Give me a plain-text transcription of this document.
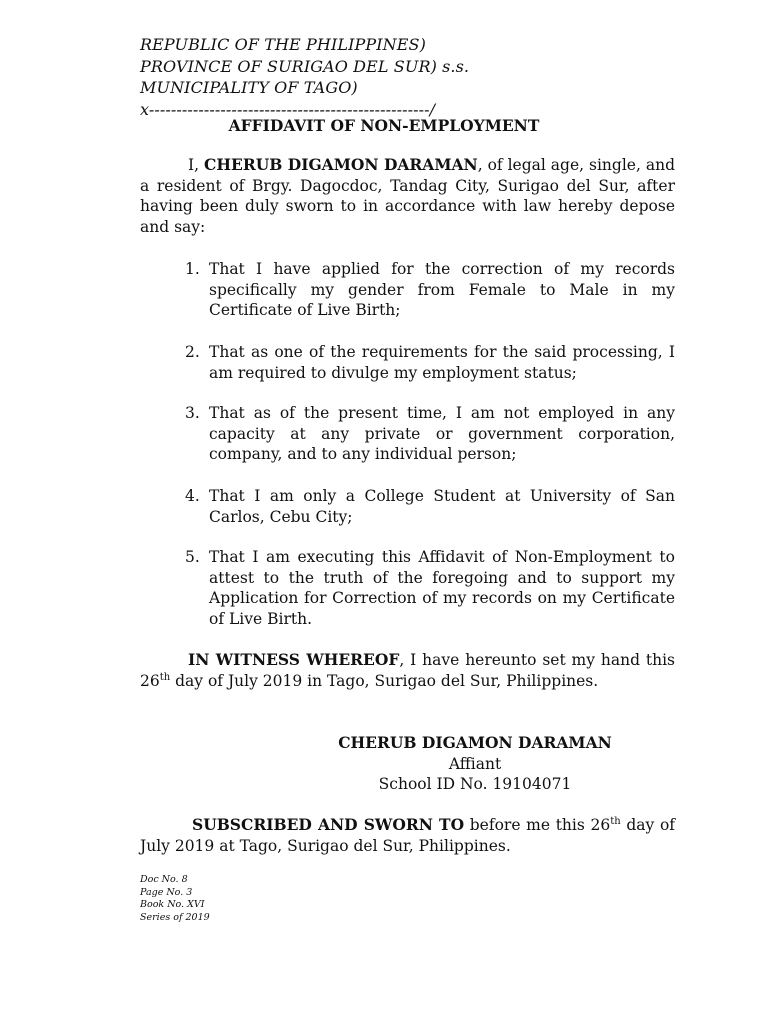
REPUBLIC OF THE PHILIPPINES)
PROVINCE OF SURIGAO DEL SUR) s.s.
MUNICIPALITY OF TAGO)
x---------------------------------------------------/
AFFIDAVIT OF NON-EMPLOYMENT
I, CHERUB DIGAMON DARAMAN, of legal age, single, and a resident of Brgy. Dagocdoc, Tandag City, Surigao del Sur, after having been duly sworn to in accordance with law hereby depose and say:
1. That I have applied for the correction of my records specifically my gender from Female to Male in my Certificate of Live Birth;
2. That as one of the requirements for the said processing, I am required to divulge my employment status;
3. That as of the present time, I am not employed in any capacity at any private or government corporation, company, and to any individual person;
4. That I am only a College Student at University of San Carlos, Cebu City;
5. That I am executing this Affidavit of Non-Employment to attest to the truth of the foregoing and to support my Application for Correction of my records on my Certificate of Live Birth.
IN WITNESS WHEREOF, I have hereunto set my hand this 26th day of July 2019 in Tago, Surigao del Sur, Philippines.
CHERUB DIGAMON DARAMAN
Affiant
School ID No. 19104071
SUBSCRIBED AND SWORN TO before me this 26th day of July 2019 at Tago, Surigao del Sur, Philippines.
Doc No. 8
Page No. 3
Book No. XVI
Series of 2019
